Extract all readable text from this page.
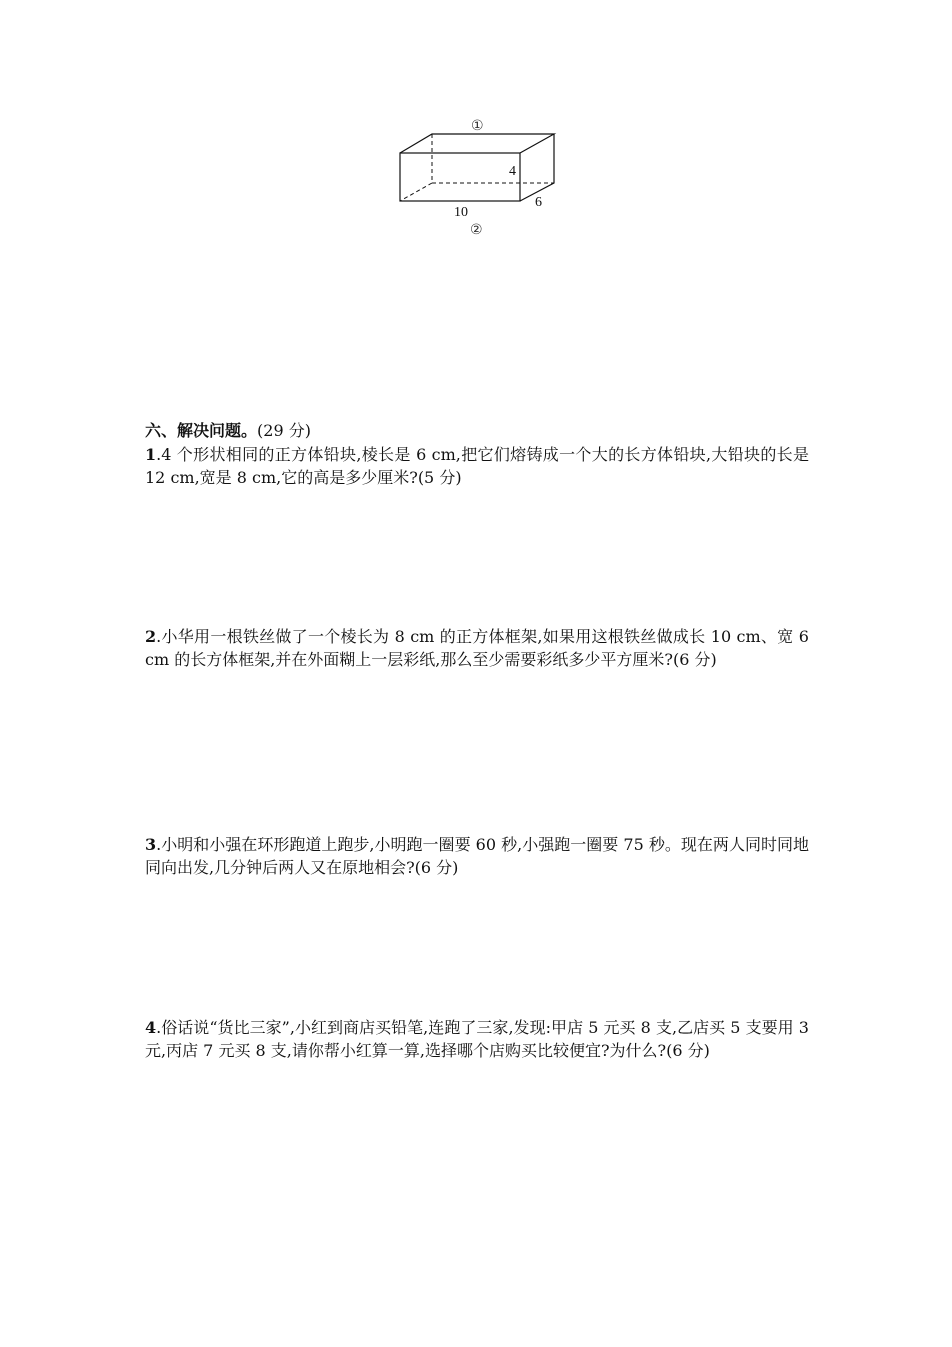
①
4
10
6
②
六、解决问题。(29 分)
1.4 个形状相同的正方体铅块,棱长是 6 cm,把它们熔铸成一个大的长方体铅块,大铅块的长是 12 cm,宽是 8 cm,它的高是多少厘米?(5 分)
2.小华用一根铁丝做了一个棱长为 8 cm 的正方体框架,如果用这根铁丝做成长 10 cm、宽 6 cm 的长方体框架,并在外面糊上一层彩纸,那么至少需要彩纸多少平方厘米?(6 分)
3.小明和小强在环形跑道上跑步,小明跑一圈要 60 秒,小强跑一圈要 75 秒。现在两人同时同地同向出发,几分钟后两人又在原地相会?(6 分)
4.俗话说“货比三家”,小红到商店买铅笔,连跑了三家,发现:甲店 5 元买 8 支,乙店买 5 支要用 3 元,丙店 7 元买 8 支,请你帮小红算一算,选择哪个店购买比较便宜?为什么?(6 分)
